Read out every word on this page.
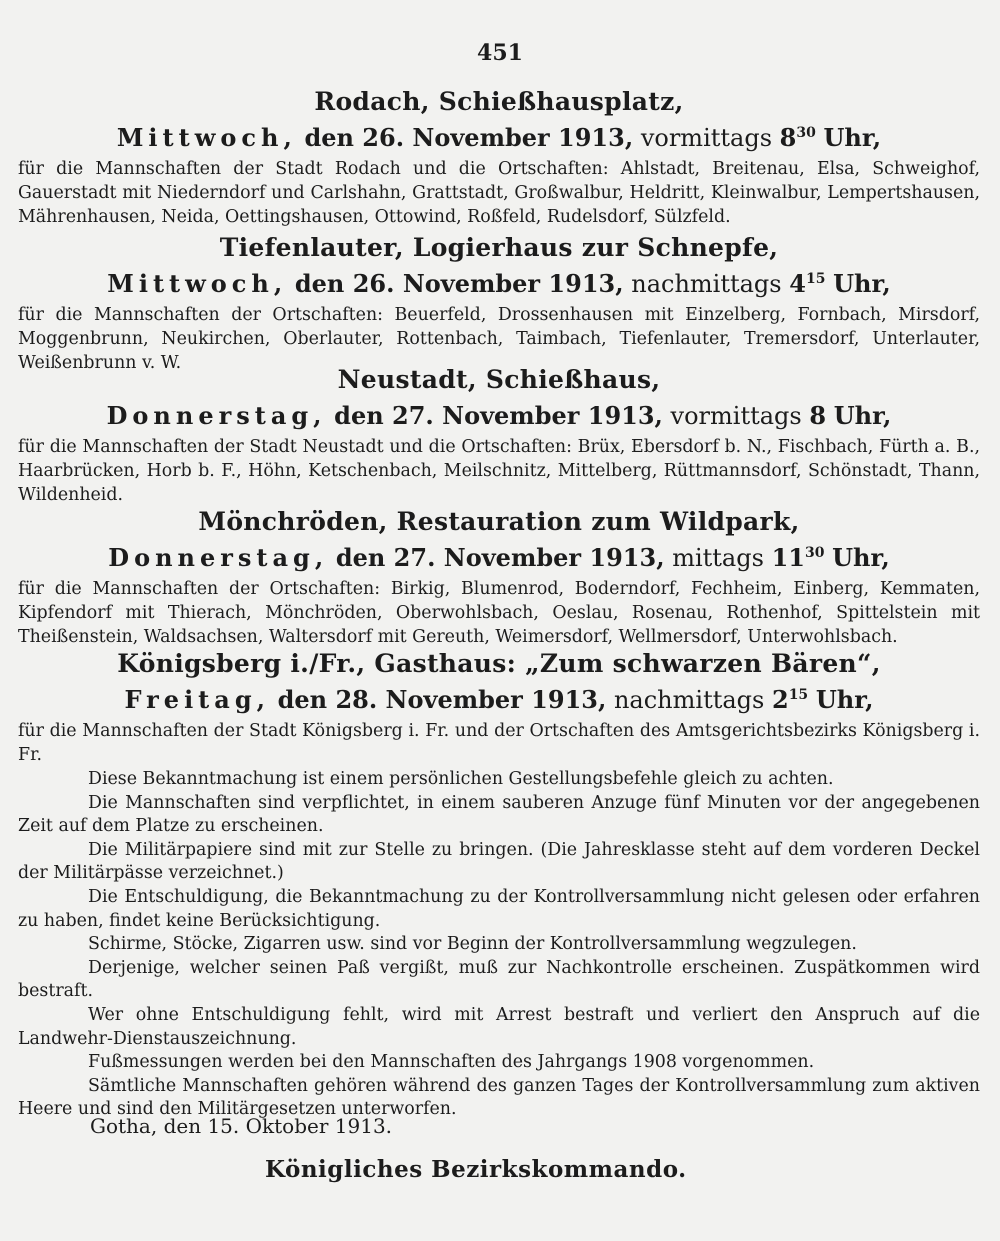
451
Rodach, Schießhausplatz,
Mittwoch, den 26. November 1913, vormittags $8^{30}$ Uhr,

für die Mannschaften der Stadt Rodach und die Ortschaften: Ahlstadt, Breitenau, Elsa, Schweighof, Gauerstadt mit Niederndorf und Carlshahn, Grattstadt, Großwalbur, Heldritt, Kleinwalbur, Lempertshausen, Mährenhausen, Neida, Oettingshausen, Ottowind, Roßfeld, Rudelsdorf, Sülzfeld.

Tiefenlauter, Logierhaus zur Schnepfe,
Mittwoch, den 26. November 1913, nachmittags $4^{15}$ Uhr,

für die Mannschaften der Ortschaften: Beuerfeld, Drossenhausen mit Einzelberg, Fornbach, Mirsdorf, Moggenbrunn, Neukirchen, Oberlauter, Rottenbach, Taimbach, Tiefenlauter, Tremersdorf, Unterlauter, Weißenbrunn v. W.

Neustadt, Schießhaus,
Donnerstag, den 27. November 1913, vormittags 8 Uhr,

für die Mannschaften der Stadt Neustadt und die Ortschaften: Brüx, Ebersdorf b. N., Fischbach, Fürth a. B., Haarbrücken, Horb b. F., Höhn, Ketschenbach, Meilschnitz, Mittelberg, Rüttmannsdorf, Schönstadt, Thann, Wildenheid.

Mönchröden, Restauration zum Wildpark,
Donnerstag, den 27. November 1913, mittags $11^{30}$ Uhr,

für die Mannschaften der Ortschaften: Birkig, Blumenrod, Boderndorf, Fechheim, Einberg, Kemmaten, Kipfendorf mit Thierach, Mönchröden, Oberwohlsbach, Oeslau, Rosenau, Rothenhof, Spittelstein mit Theißenstein, Waldsachsen, Waltersdorf mit Gereuth, Weimersdorf, Wellmersdorf, Unterwohlsbach.

Königsberg i./Fr., Gasthaus: „Zum schwarzen Bären“,
Freitag, den 28. November 1913, nachmittags $2^{15}$ Uhr,

für die Mannschaften der Stadt Königsberg i. Fr. und der Ortschaften des Amtsgerichtsbezirks Königsberg i. Fr.

Diese Bekanntmachung ist einem persönlichen Gestellungsbefehle gleich zu achten.

Die Mannschaften sind verpflichtet, in einem sauberen Anzuge fünf Minuten vor der angegebenen Zeit auf dem Platze zu erscheinen.

Die Militärpapiere sind mit zur Stelle zu bringen. (Die Jahresklasse steht auf dem vorderen Deckel der Militärpässe verzeichnet.)

Die Entschuldigung, die Bekanntmachung zu der Kontrollversammlung nicht gelesen oder erfahren zu haben, findet keine Berücksichtigung.

Schirme, Stöcke, Zigarren usw. sind vor Beginn der Kontrollversammlung wegzulegen.

Derjenige, welcher seinen Paß vergißt, muß zur Nachkontrolle erscheinen. Zuspätkommen wird bestraft.

Wer ohne Entschuldigung fehlt, wird mit Arrest bestraft und verliert den Anspruch auf die Landwehr-Dienstauszeichnung.

Fußmessungen werden bei den Mannschaften des Jahrgangs 1908 vorgenommen.

Sämtliche Mannschaften gehören während des ganzen Tages der Kontrollversammlung zum aktiven Heere und sind den Militärgesetzen unterworfen.

Gotha, den 15. Oktober 1913.
Königliches Bezirkskommando.
